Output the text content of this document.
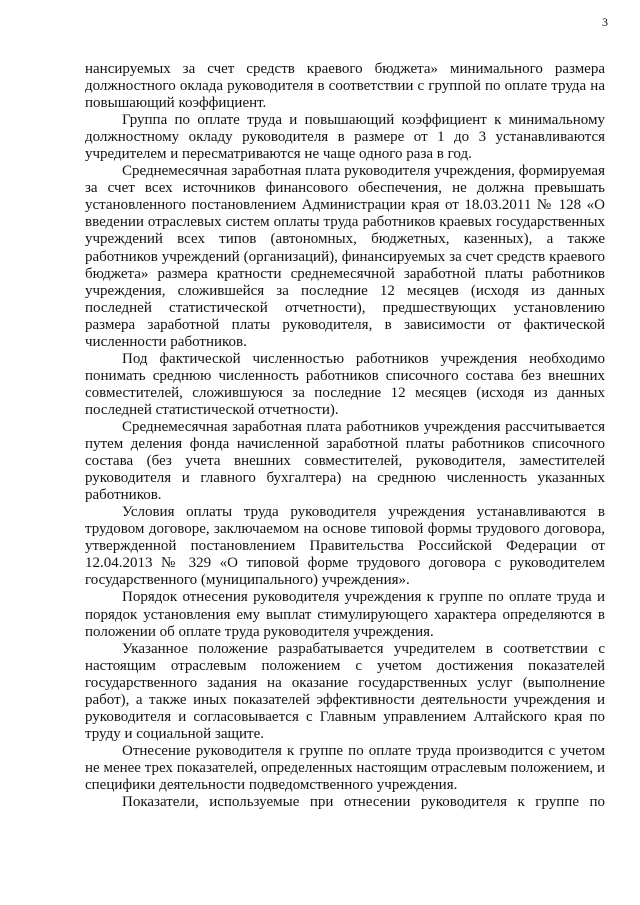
3

нансируемых за счет средств краевого бюджета» минимального размера должностного оклада руководителя в соответствии с группой по оплате труда на повышающий коэффициент.

Группа по оплате труда и повышающий коэффициент к минимальному должностному окладу руководителя в размере от 1 до 3 устанавливаются учредителем и пересматриваются не чаще одного раза в год.

Среднемесячная заработная плата руководителя учреждения, формируемая за счет всех источников финансового обеспечения, не должна превышать установленного постановлением Администрации края от 18.03.2011 № 128 «О введении отраслевых систем оплаты труда работников краевых государственных учреждений всех типов (автономных, бюджетных, казенных), а также работников учреждений (организаций), финансируемых за счет средств краевого бюджета» размера кратности среднемесячной заработной платы работников учреждения, сложившейся за последние 12 месяцев (исходя из данных последней статистической отчетности), предшествующих установлению размера заработной платы руководителя, в зависимости от фактической численности работников.

Под фактической численностью работников учреждения необходимо понимать среднюю численность работников списочного состава без внешних совместителей, сложившуюся за последние 12 месяцев (исходя из данных последней статистической отчетности).

Среднемесячная заработная плата работников учреждения рассчитывается путем деления фонда начисленной заработной платы работников списочного состава (без учета внешних совместителей, руководителя, заместителей руководителя и главного бухгалтера) на среднюю численность указанных работников.

Условия оплаты труда руководителя учреждения устанавливаются в трудовом договоре, заключаемом на основе типовой формы трудового договора, утвержденной постановлением Правительства Российской Федерации от 12.04.2013 № 329 «О типовой форме трудового договора с руководителем государственного (муниципального) учреждения».

Порядок отнесения руководителя учреждения к группе по оплате труда и порядок установления ему выплат стимулирующего характера определяются в положении об оплате труда руководителя учреждения.

Указанное положение разрабатывается учредителем в соответствии с настоящим отраслевым положением с учетом достижения показателей государственного задания на оказание государственных услуг (выполнение работ), а также иных показателей эффективности деятельности учреждения и руководителя и согласовывается с Главным управлением Алтайского края по труду и социальной защите.

Отнесение руководителя к группе по оплате труда производится с учетом не менее трех показателей, определенных настоящим отраслевым положением, и специфики деятельности подведомственного учреждения.

Показатели, используемые при отнесении руководителя к группе по
